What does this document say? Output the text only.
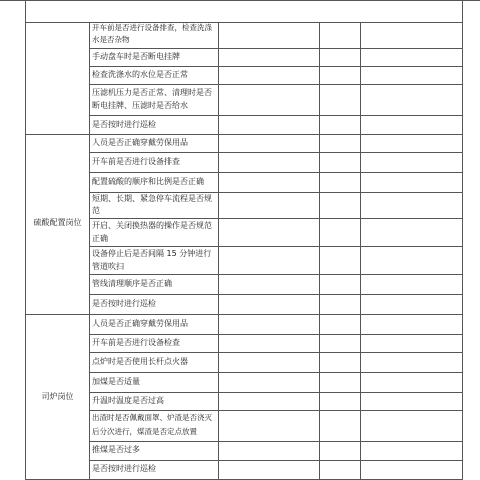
硫酸配置岗位
司炉岗位
开车前是否进行设备排查，检查洗涤水是否杂物
手动盘车时是否断电挂牌
检查洗涤水的水位是否正常
压滤机压力是否正常、清理时是否断电挂牌、压滤时是否给水
是否按时进行巡检
人员是否正确穿戴劳保用品
开车前是否进行设备排查
配置硫酸的顺序和比例是否正确
短期、长期、紧急停车流程是否规范
开启、关闭换热器的操作是否规范正确
设备停止后是否间隔 15 分钟进行管道吹扫
管线清理顺序是否正确
是否按时进行巡检
人员是否正确穿戴劳保用品
开车前是否进行设备检查
点炉时是否使用长杆点火器
加煤是否适量
升温时温度是否过高
出渣时是否佩戴面罩、炉渣是否浇灭后分次进行，煤渣是否定点放置
推煤是否过多
是否按时进行巡检
